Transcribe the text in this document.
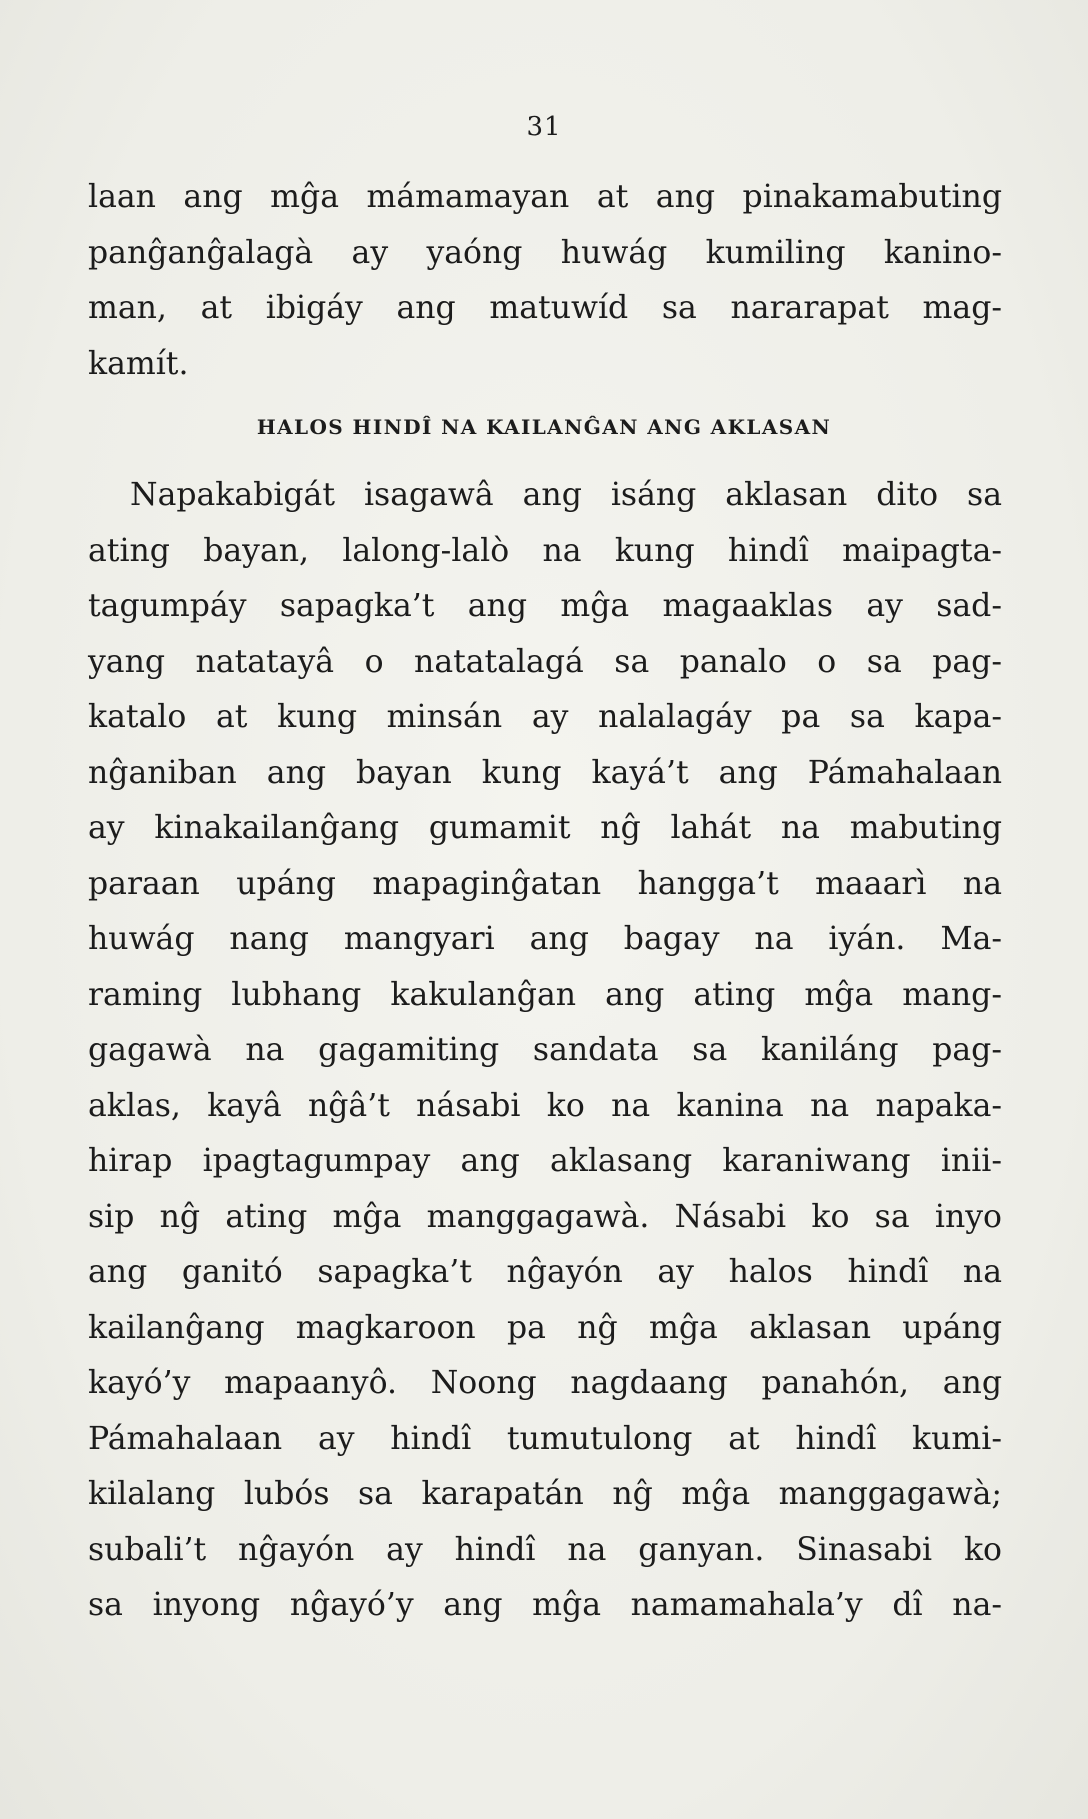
31
laan ang mĝa mámamayan at ang pinakamabuting
panĝanĝalagà ay yaóng huwág kumiling kanino-
man, at ibigáy ang matuwíd sa nararapat mag-
kamít.
HALOS HINDÎ NA KAILANĜAN ANG AKLASAN
Napakabigát isagawâ ang isáng aklasan dito sa
ating bayan, lalong-lalò na kung hindî maipagta-
tagumpáy sapagka’t ang mĝa magaaklas ay sad-
yang natatayâ o natatalagá sa panalo o sa pag-
katalo at kung minsán ay nalalagáy pa sa kapa-
nĝaniban ang bayan kung kayá’t ang Pámahalaan
ay kinakailanĝang gumamit nĝ lahát na mabuting
paraan upáng mapaginĝatan hangga’t maaarì na
huwág nang mangyari ang bagay na iyán. Ma-
raming lubhang kakulanĝan ang ating mĝa mang-
gagawà na gagamiting sandata sa kaniláng pag-
aklas, kayâ nĝâ’t násabi ko na kanina na napaka-
hirap ipagtagumpay ang aklasang karaniwang inii-
sip nĝ ating mĝa manggagawà. Násabi ko sa inyo
ang ganitó sapagka’t nĝayón ay halos hindî na
kailanĝang magkaroon pa nĝ mĝa aklasan upáng
kayó’y mapaanyô. Noong nagdaang panahón, ang
Pámahalaan ay hindî tumutulong at hindî kumi-
kilalang lubós sa karapatán nĝ mĝa manggagawà;
subali’t nĝayón ay hindî na ganyan. Sinasabi ko
sa inyong nĝayó’y ang mĝa namamahala’y dî na-
